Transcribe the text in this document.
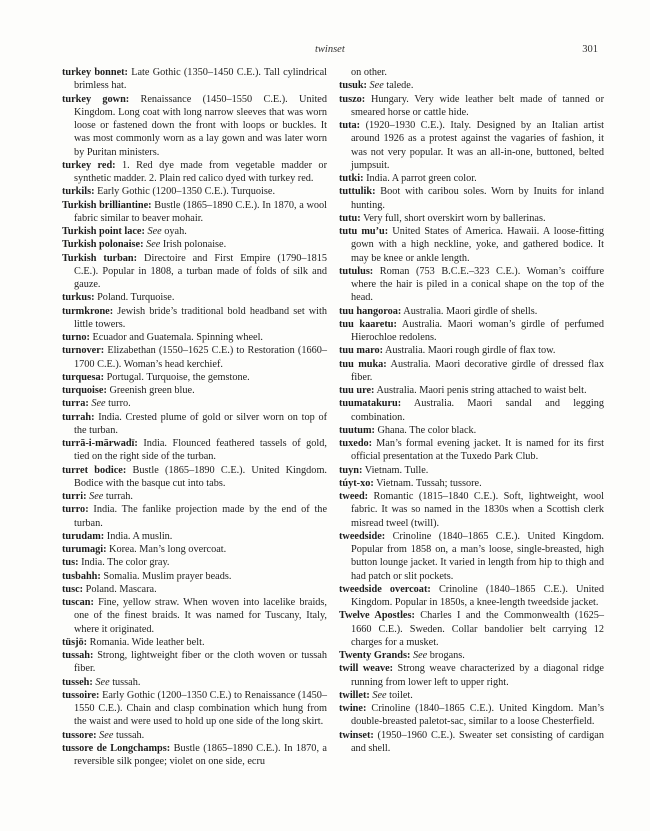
twinset	301

turkey bonnet: Late Gothic (1350–1450 C.E.). Tall cylindrical brimless hat.

turkey gown: Renaissance (1450–1550 C.E.). United Kingdom. Long coat with long narrow sleeves that was worn loose or fastened down the front with loops or buckles. It was most commonly worn as a lay gown and was later worn by Puritan ministers.

turkey red: 1. Red dye made from vegetable madder or synthetic madder. 2. Plain red calico dyed with turkey red.

turkils: Early Gothic (1200–1350 C.E.). Turquoise.

Turkish brilliantine: Bustle (1865–1890 C.E.). In 1870, a wool fabric similar to beaver mohair.

Turkish point lace: See oyah.

Turkish polonaise: See Irish polonaise.

Turkish turban: Directoire and First Empire (1790–1815 C.E.). Popular in 1808, a turban made of folds of silk and gauze.

turkus: Poland. Turquoise.

turmkrone: Jewish bride’s traditional bold headband set with little towers.

turno: Ecuador and Guatemala. Spinning wheel.

turnover: Elizabethan (1550–1625 C.E.) to Restoration (1660–1700 C.E.). Woman’s head kerchief.

turquesa: Portugal. Turquoise, the gemstone.

turquoise: Greenish green blue.

turra: See turro.

turrah: India. Crested plume of gold or silver worn on top of the turban.

turrā-i-mārwadī: India. Flounced feathered tassels of gold, tied on the right side of the turban.

turret bodice: Bustle (1865–1890 C.E.). United Kingdom. Bodice with the basque cut into tabs.

turri: See turrah.

turro: India. The fanlike projection made by the end of the turban.

turudam: India. A muslin.

turumagi: Korea. Man’s long overcoat.

tus: India. The color gray.

tusbahh: Somalia. Muslim prayer beads.

tusc: Poland. Mascara.

tuscan: Fine, yellow straw. When woven into lacelike braids, one of the finest braids. It was named for Tuscany, Italy, where it originated.

tüsjö: Romania. Wide leather belt.

tussah: Strong, lightweight fiber or the cloth woven or tussah fiber.

tusseh: See tussah.

tussoire: Early Gothic (1200–1350 C.E.) to Renaissance (1450–1550 C.E.). Chain and clasp combination which hung from the waist and were used to hold up one side of the long skirt.

tussore: See tussah.

tussore de Longchamps: Bustle (1865–1890 C.E.). In 1870, a reversible silk pongee; violet on one side, ecru

on other.

tusuk: See talede.

tuszo: Hungary. Very wide leather belt made of tanned or smeared horse or cattle hide.

tuta: (1920–1930 C.E.). Italy. Designed by an Italian artist around 1926 as a protest against the vagaries of fashion, it was not very popular. It was an all-in-one, buttoned, belted jumpsuit.

tutki: India. A parrot green color.

tuttulik: Boot with caribou soles. Worn by Inuits for inland hunting.

tutu: Very full, short overskirt worn by ballerinas.

tutu mu’u: United States of America. Hawaii. A loose-fitting gown with a high neckline, yoke, and gathered bodice. It may be knee or ankle length.

tutulus: Roman (753 B.C.E.–323 C.E.). Woman’s coiffure where the hair is piled in a conical shape on the top of the head.

tuu hangoroa: Australia. Maori girdle of shells.

tuu kaaretu: Australia. Maori woman’s girdle of perfumed Hierochloe redolens.

tuu maro: Australia. Maori rough girdle of flax tow.

tuu muka: Australia. Maori decorative girdle of dressed flax fiber.

tuu ure: Australia. Maori penis string attached to waist belt.

tuumatakuru: Australia. Maori sandal and legging combination.

tuutum: Ghana. The color black.

tuxedo: Man’s formal evening jacket. It is named for its first official presentation at the Tuxedo Park Club.

tuyn: Vietnam. Tulle.

túyt-xo: Vietnam. Tussah; tussore.

tweed: Romantic (1815–1840 C.E.). Soft, lightweight, wool fabric. It was so named in the 1830s when a Scottish clerk misread tweel (twill).

tweedside: Crinoline (1840–1865 C.E.). United Kingdom. Popular from 1858 on, a man’s loose, single-breasted, high button lounge jacket. It varied in length from hip to thigh and had patch or slit pockets.

tweedside overcoat: Crinoline (1840–1865 C.E.). United Kingdom. Popular in 1850s, a knee-length tweedside jacket.

Twelve Apostles: Charles I and the Commonwealth (1625–1660 C.E.). Sweden. Collar bandolier belt carrying 12 charges for a musket.

Twenty Grands: See brogans.

twill weave: Strong weave characterized by a diagonal ridge running from lower left to upper right.

twillet: See toilet.

twine: Crinoline (1840–1865 C.E.). United Kingdom. Man’s double-breasted paletot-sac, similar to a loose Chesterfield.

twinset: (1950–1960 C.E.). Sweater set consisting of cardigan and shell.
